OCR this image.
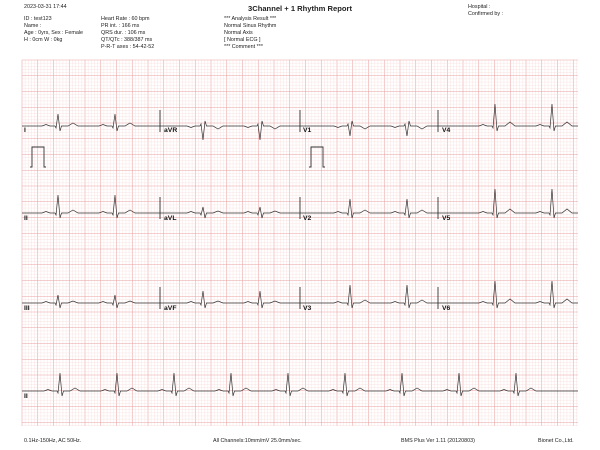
3Channel + 1 Rhythm Report
2023-03-31 17:44
ID : test123
Name :
Age : 0yrs, Sex : Female
H : 0cm W : 0kg
Heart Rate : 60 bpm
PR int. : 166 ms
QRS dur. : 106 ms
QT/QTc : 388/387 ms
P-R-T axes : 54-42-52
*** Analysis Result ***
Normal Sinus Rhythm
Normal Axis
[ Normal ECG ]
*** Comment ***
Hospital :
Confirmed by :
I	aVR	V1	V4
II	aVL	V2	V5
III	aVF	V3	V6
II
0.1Hz-150Hz, AC 50Hz.	All Channels:10mm/mV 25.0mm/sec.	BMS Plus Ver 1.11 (20120803)	Bionet Co.,Ltd.
